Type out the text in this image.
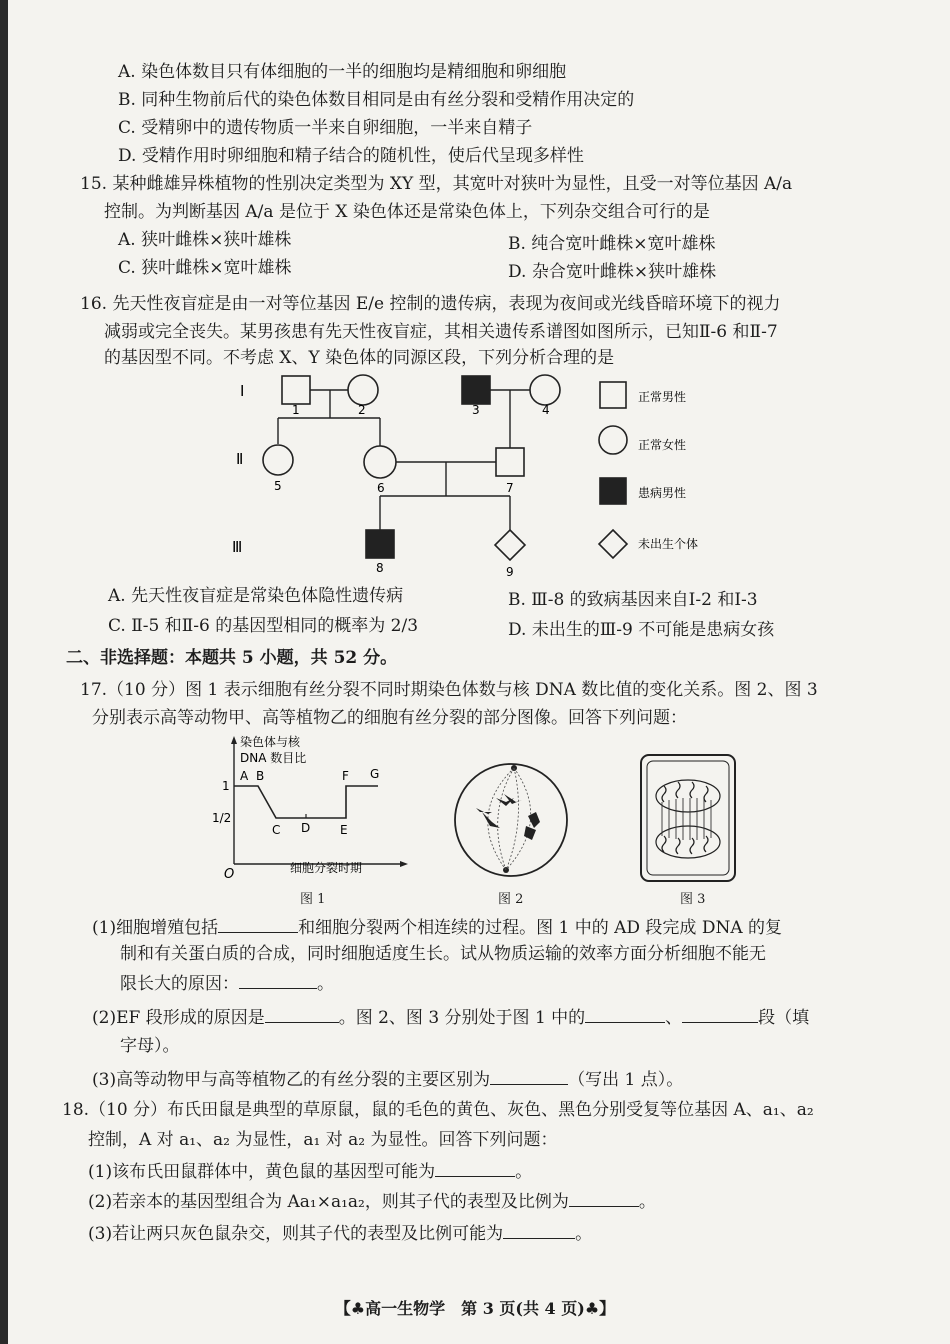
A. 染色体数目只有体细胞的一半的细胞均是精细胞和卵细胞
B. 同种生物前后代的染色体数目相同是由有丝分裂和受精作用决定的
C. 受精卵中的遗传物质一半来自卵细胞，一半来自精子
D. 受精作用时卵细胞和精子结合的随机性，使后代呈现多样性
15. 某种雌雄异株植物的性别决定类型为 XY 型，其宽叶对狭叶为显性，且受一对等位基因 A/a
控制。为判断基因 A/a 是位于 X 染色体还是常染色体上，下列杂交组合可行的是
A. 狭叶雌株×狭叶雄株	B. 纯合宽叶雌株×宽叶雄株
C. 狭叶雌株×宽叶雄株	D. 杂合宽叶雌株×狭叶雄株
16. 先天性夜盲症是由一对等位基因 E/e 控制的遗传病，表现为夜间或光线昏暗环境下的视力
减弱或完全丧失。某男孩患有先天性夜盲症，其相关遗传系谱图如图所示，已知Ⅱ-6 和Ⅱ-7
的基因型不同。不考虑 X、Y 染色体的同源区段，下列分析合理的是
Ⅰ
Ⅱ
Ⅲ
1	2	3	4
5	6	7
8	9
正常男性
正常女性
患病男性
未出生个体
A. 先天性夜盲症是常染色体隐性遗传病	B. Ⅲ-8 的致病基因来自Ⅰ-2 和Ⅰ-3
C. Ⅱ-5 和Ⅱ-6 的基因型相同的概率为 2/3	D. 未出生的Ⅲ-9 不可能是患病女孩
二、非选择题：本题共 5 小题，共 52 分。
17.（10 分）图 1 表示细胞有丝分裂不同时期染色体数与核 DNA 数比值的变化关系。图 2、图 3
分别表示高等动物甲、高等植物乙的细胞有丝分裂的部分图像。回答下列问题：
染色体与核
DNA 数目比
1
1/2
O	细胞分裂时期
A B
C D E
F G
图 1	图 2	图 3
(1)细胞增殖包括	和细胞分裂两个相连续的过程。图 1 中的 AD 段完成 DNA 的复
制和有关蛋白质的合成，同时细胞适度生长。试从物质运输的效率方面分析细胞不能无
限长大的原因：	。
(2)EF 段形成的原因是	。图 2、图 3 分别处于图 1 中的	、	段（填
字母）。
(3)高等动物甲与高等植物乙的有丝分裂的主要区别为	（写出 1 点）。
18.（10 分）布氏田鼠是典型的草原鼠，鼠的毛色的黄色、灰色、黑色分别受复等位基因 A、a₁、a₂
控制，A 对 a₁、a₂ 为显性，a₁ 对 a₂ 为显性。回答下列问题：
(1)该布氏田鼠群体中，黄色鼠的基因型可能为	。
(2)若亲本的基因型组合为 Aa₁×a₁a₂，则其子代的表型及比例为	。
(3)若让两只灰色鼠杂交，则其子代的表型及比例可能为	。
【♣高一生物学　第 3 页(共 4 页)♣】
